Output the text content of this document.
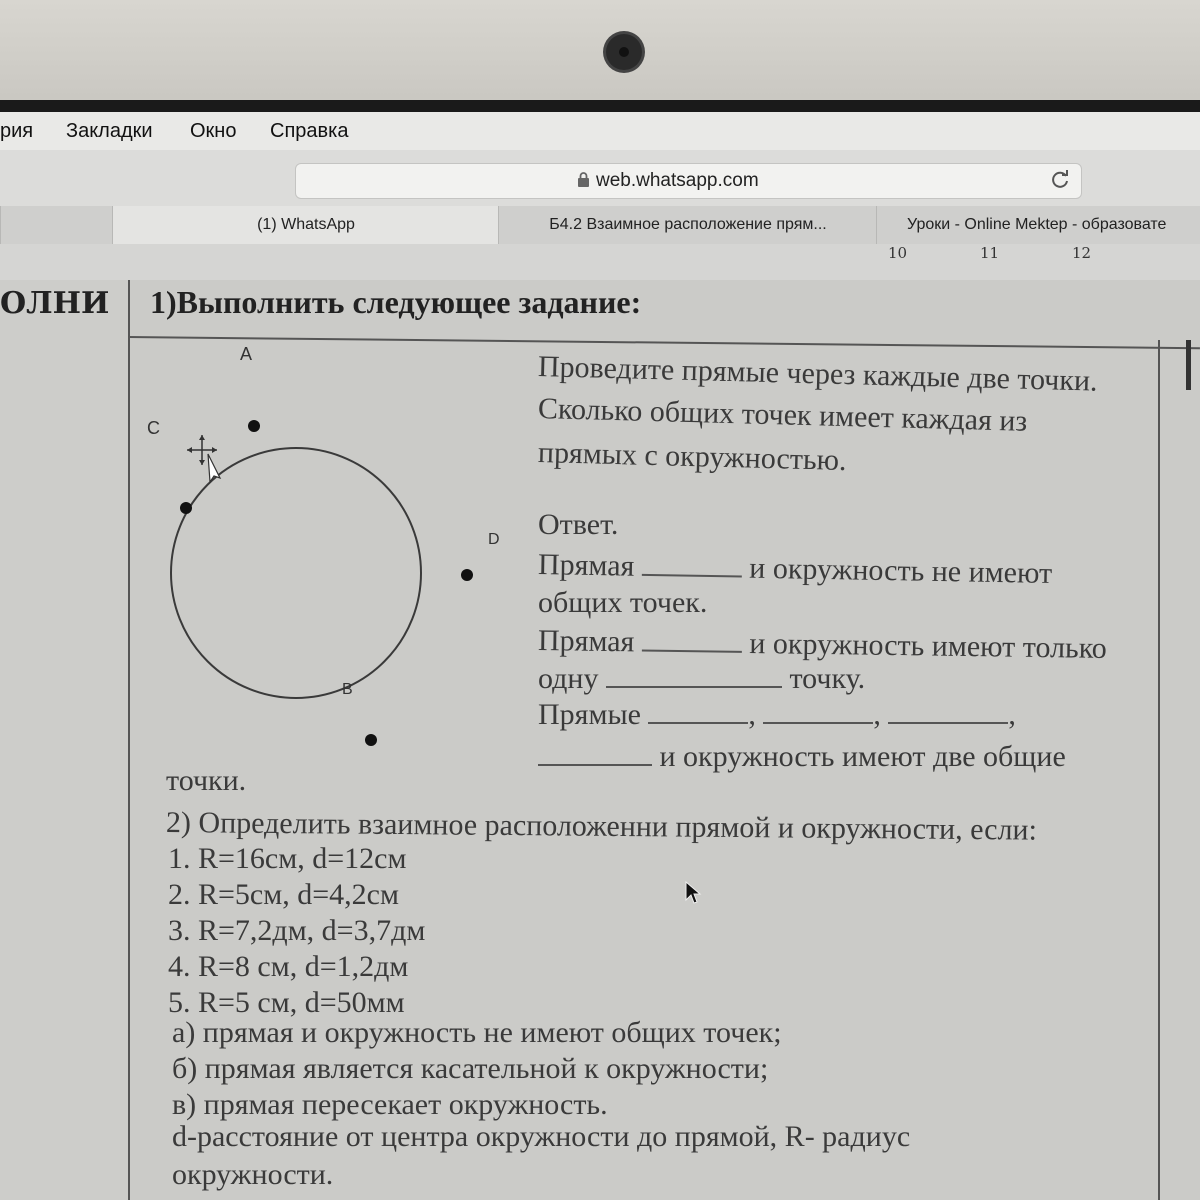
рия Закладки Окно Справка
web.whatsapp.com
(1) WhatsApp	Б4.2 Взаимное расположение прям...	Уроки - Online Mektep - образовате
10	11	12
ОЛНИ 1)Выполнить следующее задание:
A
C
D
B
Проведите прямые через каждые две точки.
Сколько общих точек имеет каждая из
прямых с окружностью.
Ответ.
Прямая	и окружность не имеют
общих точек.
Прямая	и окружность имеют только
одну	точку.
Прямые	,	,	,
и окружность имеют две общие
точки.
2) Определить взаимное расположенни прямой и окружности, если:
1. R=16см, d=12см
2. R=5см, d=4,2см
3. R=7,2дм, d=3,7дм
4. R=8 см, d=1,2дм
5. R=5 см, d=50мм
а) прямая и окружность не имеют общих точек;
б) прямая является касательной к окружности;
в) прямая пересекает окружность.
d-расстояние от центра окружности до прямой, R- радиус
окружности.
